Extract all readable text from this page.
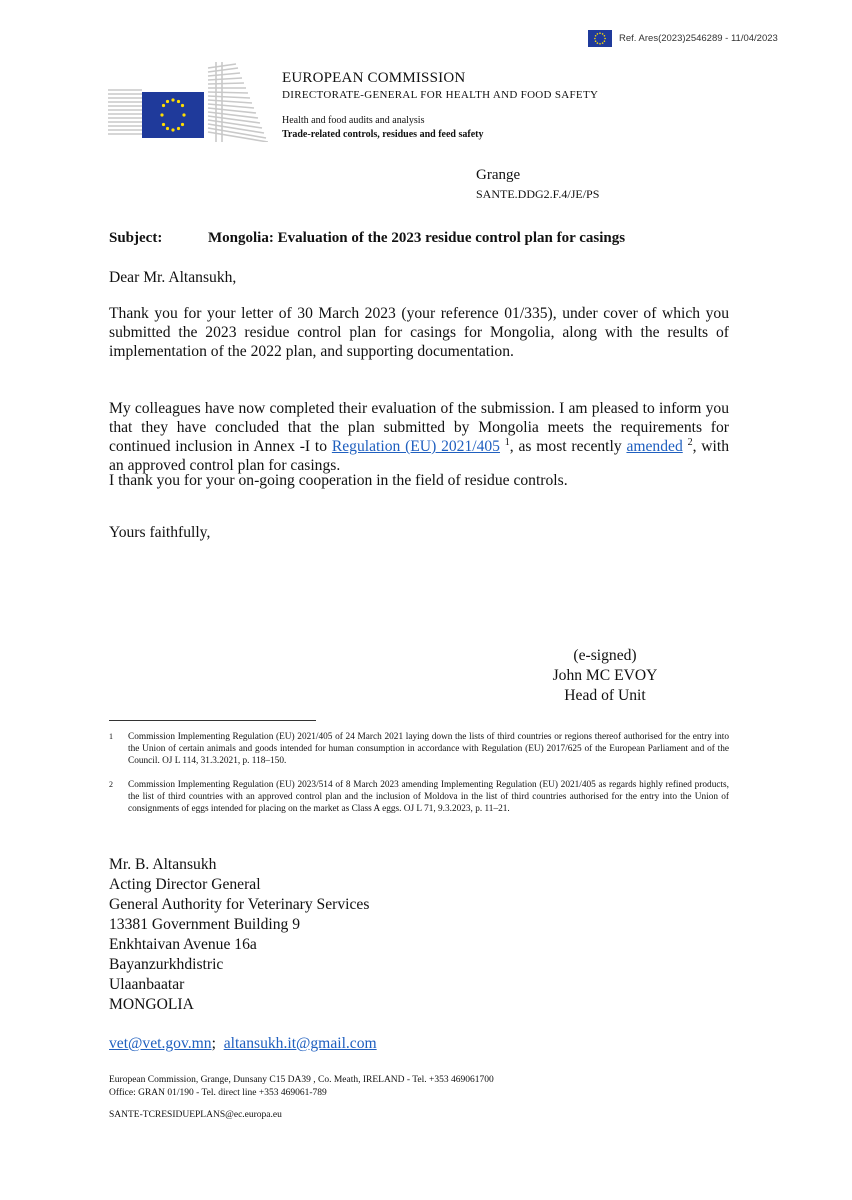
Ref. Ares(2023)2546289 - 11/04/2023
EUROPEAN COMMISSION
DIRECTORATE-GENERAL FOR HEALTH AND FOOD SAFETY
Health and food audits and analysis
Trade-related controls, residues and feed safety
Grange
SANTE.DDG2.F.4/JE/PS
Subject:	Mongolia: Evaluation of the 2023 residue control plan for casings
Dear Mr. Altansukh,
Thank you for your letter of 30 March 2023 (your reference 01/335), under cover of which you submitted the 2023 residue control plan for casings for Mongolia, along with the results of implementation of the 2022 plan, and supporting documentation.
My colleagues have now completed their evaluation of the submission. I am pleased to inform you that they have concluded that the plan submitted by Mongolia meets the requirements for continued inclusion in Annex -I to Regulation (EU) 2021/405 $^1$, as most recently amended $^2$, with an approved control plan for casings.
I thank you for your on-going cooperation in the field of residue controls.
Yours faithfully,
(e-signed)
John MC EVOY
Head of Unit
1 Commission Implementing Regulation (EU) 2021/405 of 24 March 2021 laying down the lists of third countries or regions thereof authorised for the entry into the Union of certain animals and goods intended for human consumption in accordance with Regulation (EU) 2017/625 of the European Parliament and of the Council. OJ L 114, 31.3.2021, p. 118–150.
2 Commission Implementing Regulation (EU) 2023/514 of 8 March 2023 amending Implementing Regulation (EU) 2021/405 as regards highly refined products, the list of third countries with an approved control plan and the inclusion of Moldova in the list of third countries authorised for the entry into the Union of consignments of eggs intended for placing on the market as Class A eggs. OJ L 71, 9.3.2023, p. 11–21.
Mr. B. Altansukh
Acting Director General
General Authority for Veterinary Services
13381 Government Building 9
Enkhtaivan Avenue 16a
Bayanzurkhdistric
Ulaanbaatar
MONGOLIA
vet@vet.gov.mn;  altansukh.it@gmail.com
European Commission, Grange, Dunsany C15 DA39 , Co. Meath, IRELAND - Tel. +353 469061700
Office: GRAN 01/190 - Tel. direct line +353 469061-789
SANTE-TCRESIDUEPLANS@ec.europa.eu
